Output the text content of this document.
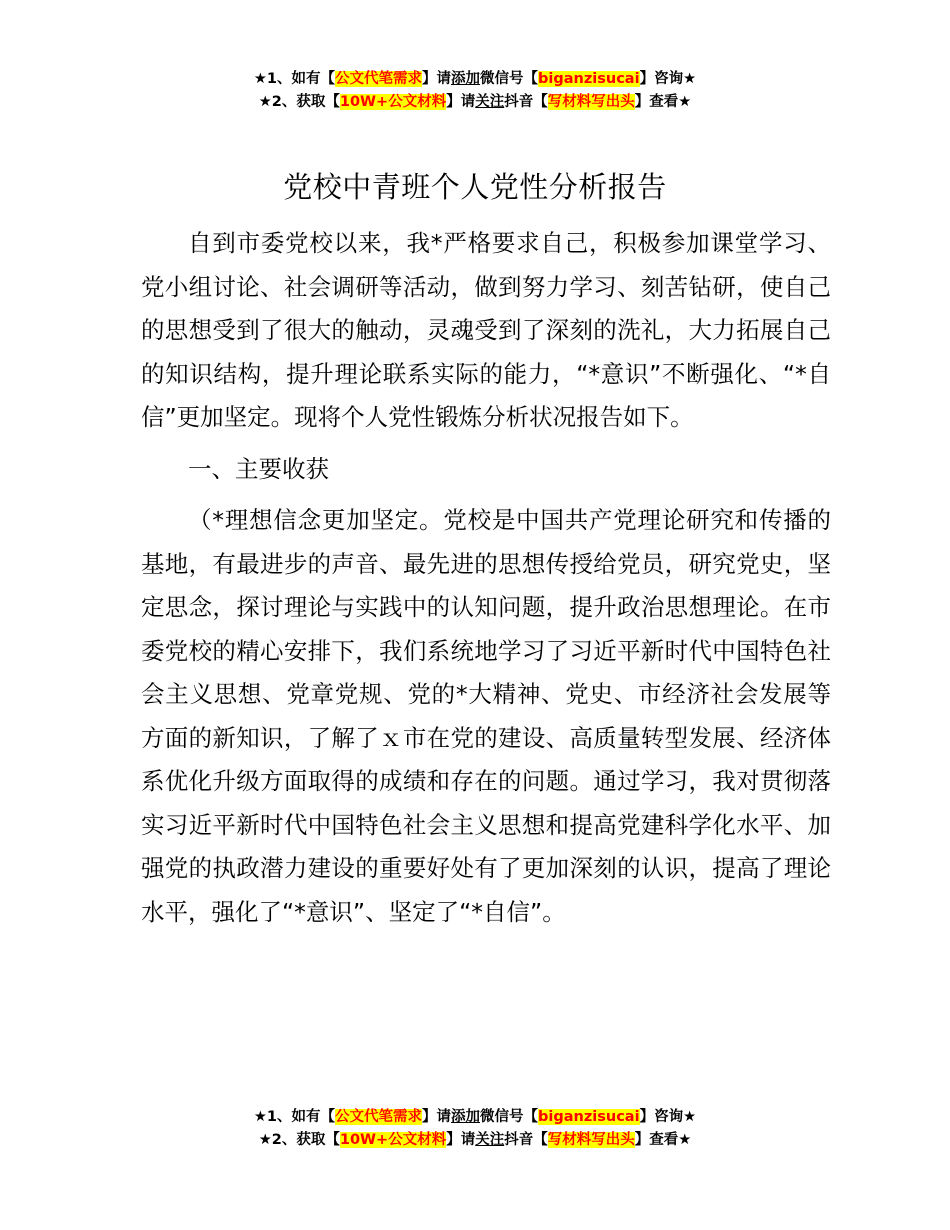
★1、如有【公文代笔需求】请添加微信号【biganzisucai】咨询★
★2、获取【10W+公文材料】请关注抖音【写材料写出头】查看★
党校中青班个人党性分析报告

自到市委党校以来，我*严格要求自己，积极参加课堂学习、党小组讨论、社会调研等活动，做到努力学习、刻苦钻研，使自己的思想受到了很大的触动，灵魂受到了深刻的洗礼，大力拓展自己的知识结构，提升理论联系实际的能力，“*意识”不断强化、“*自信”更加坚定。现将个人党性锻炼分析状况报告如下。

一、主要收获

（*理想信念更加坚定。党校是中国共产党理论研究和传播的基地，有最进步的声音、最先进的思想传授给党员，研究党史，坚定思念，探讨理论与实践中的认知问题，提升政治思想理论。在市委党校的精心安排下，我们系统地学习了习近平新时代中国特色社会主义思想、党章党规、党的*大精神、党史、市经济社会发展等方面的新知识，了解了ｘ市在党的建设、高质量转型发展、经济体系优化升级方面取得的成绩和存在的问题。通过学习，我对贯彻落实习近平新时代中国特色社会主义思想和提高党建科学化水平、加强党的执政潜力建设的重要好处有了更加深刻的认识，提高了理论水平，强化了“*意识”、坚定了“*自信”。

★1、如有【公文代笔需求】请添加微信号【biganzisucai】咨询★
★2、获取【10W+公文材料】请关注抖音【写材料写出头】查看★
